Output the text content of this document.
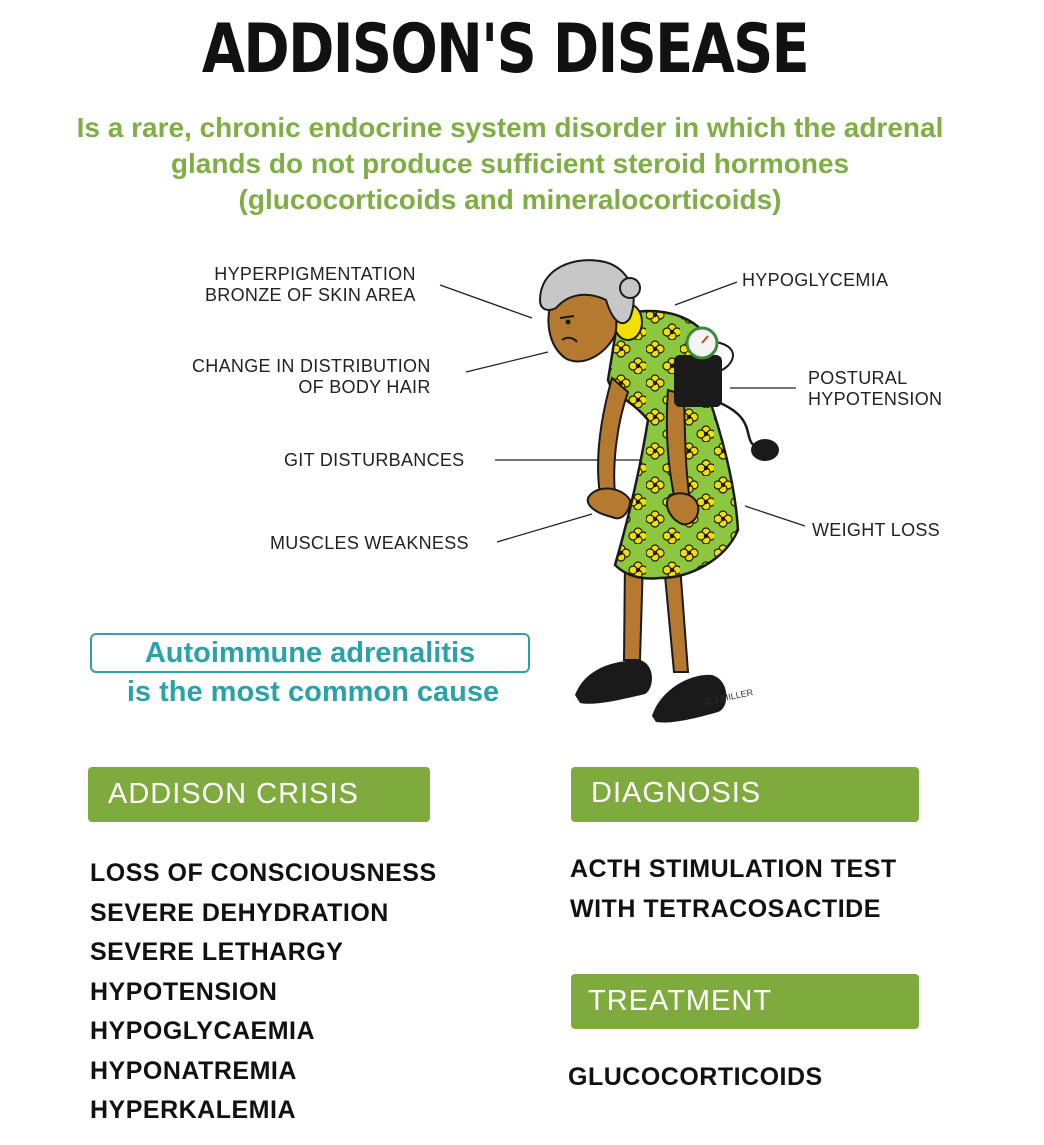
ADDISON'S DISEASE

Is a rare, chronic endocrine system disorder in which the adrenal glands do not produce sufficient steroid hormones (glucocorticoids and mineralocorticoids)

C.J.MILLER
HYPERPIGMENTATION
BRONZE OF SKIN AREA
CHANGE IN DISTRIBUTION
OF BODY HAIR
GIT DISTURBANCES
MUSCLES WEAKNESS
HYPOGLYCEMIA
POSTURAL
HYPOTENSION
WEIGHT LOSS
Autoimmune adrenalitis
is the most common cause
ADDISON CRISIS
LOSS OF CONSCIOUSNESS
SEVERE DEHYDRATION
SEVERE LETHARGY
HYPOTENSION
HYPOGLYCAEMIA
HYPONATREMIA
HYPERKALEMIA
DIAGNOSIS
ACTH STIMULATION TEST
WITH TETRACOSACTIDE
TREATMENT
GLUCOCORTICOIDS
